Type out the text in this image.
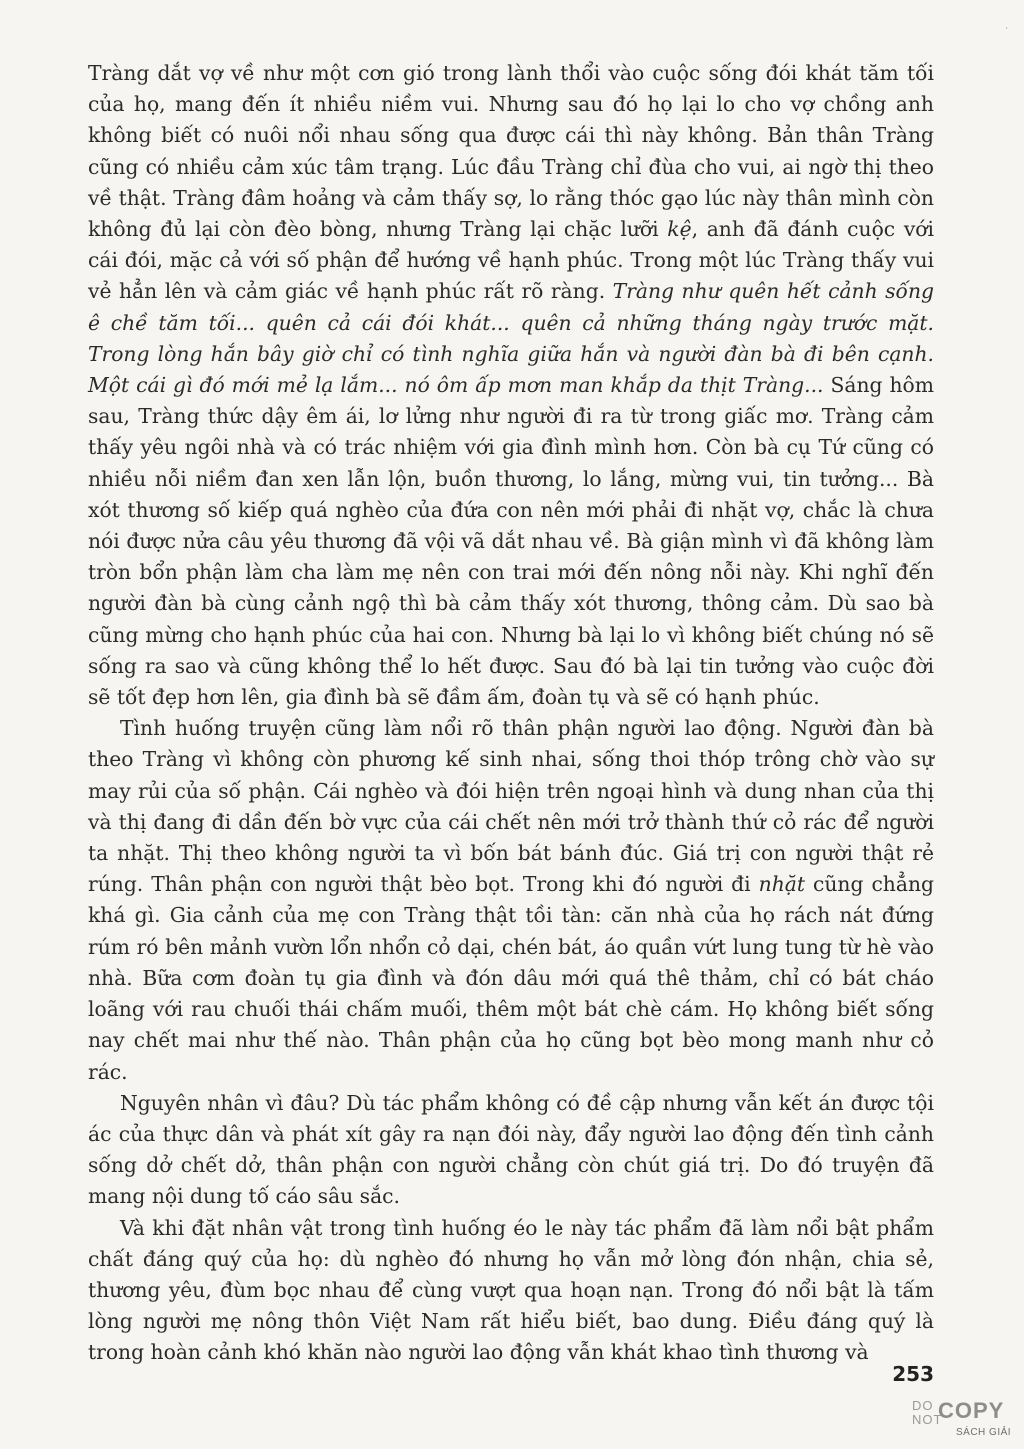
·

Tràng dắt vợ về như một cơn gió trong lành thổi vào cuộc sống đói khát tăm tối của họ, mang đến ít nhiều niềm vui. Nhưng sau đó họ lại lo cho vợ chồng anh không biết có nuôi nổi nhau sống qua được cái thì này không. Bản thân Tràng cũng có nhiều cảm xúc tâm trạng. Lúc đầu Tràng chỉ đùa cho vui, ai ngờ thị theo về thật. Tràng đâm hoảng và cảm thấy sợ, lo rằng thóc gạo lúc này thân mình còn không đủ lại còn đèo bòng, nhưng Tràng lại chặc lưỡi kệ, anh đã đánh cuộc với cái đói, mặc cả với số phận để hướng về hạnh phúc. Trong một lúc Tràng thấy vui vẻ hẳn lên và cảm giác về hạnh phúc rất rõ ràng. Tràng như quên hết cảnh sống ê chề tăm tối... quên cả cái đói khát... quên cả những tháng ngày trước mặt. Trong lòng hắn bây giờ chỉ có tình nghĩa giữa hắn và người đàn bà đi bên cạnh. Một cái gì đó mới mẻ lạ lắm... nó ôm ấp mơn man khắp da thịt Tràng... Sáng hôm sau, Tràng thức dậy êm ái, lơ lửng như người đi ra từ trong giấc mơ. Tràng cảm thấy yêu ngôi nhà và có trác nhiệm với gia đình mình hơn. Còn bà cụ Tứ cũng có nhiều nỗi niềm đan xen lẫn lộn, buồn thương, lo lắng, mừng vui, tin tưởng... Bà xót thương số kiếp quá nghèo của đứa con nên mới phải đi nhặt vợ, chắc là chưa nói được nửa câu yêu thương đã vội vã dắt nhau về. Bà giận mình vì đã không làm tròn bổn phận làm cha làm mẹ nên con trai mới đến nông nỗi này. Khi nghĩ đến người đàn bà cùng cảnh ngộ thì bà cảm thấy xót thương, thông cảm. Dù sao bà cũng mừng cho hạnh phúc của hai con. Nhưng bà lại lo vì không biết chúng nó sẽ sống ra sao và cũng không thể lo hết được. Sau đó bà lại tin tưởng vào cuộc đời sẽ tốt đẹp hơn lên, gia đình bà sẽ đầm ấm, đoàn tụ và sẽ có hạnh phúc.

Tình huống truyện cũng làm nổi rõ thân phận người lao động. Người đàn bà theo Tràng vì không còn phương kế sinh nhai, sống thoi thóp trông chờ vào sự may rủi của số phận. Cái nghèo và đói hiện trên ngoại hình và dung nhan của thị và thị đang đi dần đến bờ vực của cái chết nên mới trở thành thứ cỏ rác để người ta nhặt. Thị theo không người ta vì bốn bát bánh đúc. Giá trị con người thật rẻ rúng. Thân phận con người thật bèo bọt. Trong khi đó người đi nhặt cũng chẳng khá gì. Gia cảnh của mẹ con Tràng thật tồi tàn: căn nhà của họ rách nát đứng rúm ró bên mảnh vườn lổn nhổn cỏ dại, chén bát, áo quần vứt lung tung từ hè vào nhà. Bữa cơm đoàn tụ gia đình và đón dâu mới quá thê thảm, chỉ có bát cháo loãng với rau chuối thái chấm muối, thêm một bát chè cám. Họ không biết sống nay chết mai như thế nào. Thân phận của họ cũng bọt bèo mong manh như cỏ rác.

Nguyên nhân vì đâu? Dù tác phẩm không có đề cập nhưng vẫn kết án được tội ác của thực dân và phát xít gây ra nạn đói này, đẩy người lao động đến tình cảnh sống dở chết dở, thân phận con người chẳng còn chút giá trị. Do đó truyện đã mang nội dung tố cáo sâu sắc.

Và khi đặt nhân vật trong tình huống éo le này tác phẩm đã làm nổi bật phẩm chất đáng quý của họ: dù nghèo đó nhưng họ vẫn mở lòng đón nhận, chia sẻ, thương yêu, đùm bọc nhau để cùng vượt qua hoạn nạn. Trong đó nổi bật là tấm lòng người mẹ nông thôn Việt Nam rất hiểu biết, bao dung. Điều đáng quý là trong hoàn cảnh khó khăn nào người lao động vẫn khát khao tình thương và

253
DO
NOT
COPY
SÁCH GIẢI
